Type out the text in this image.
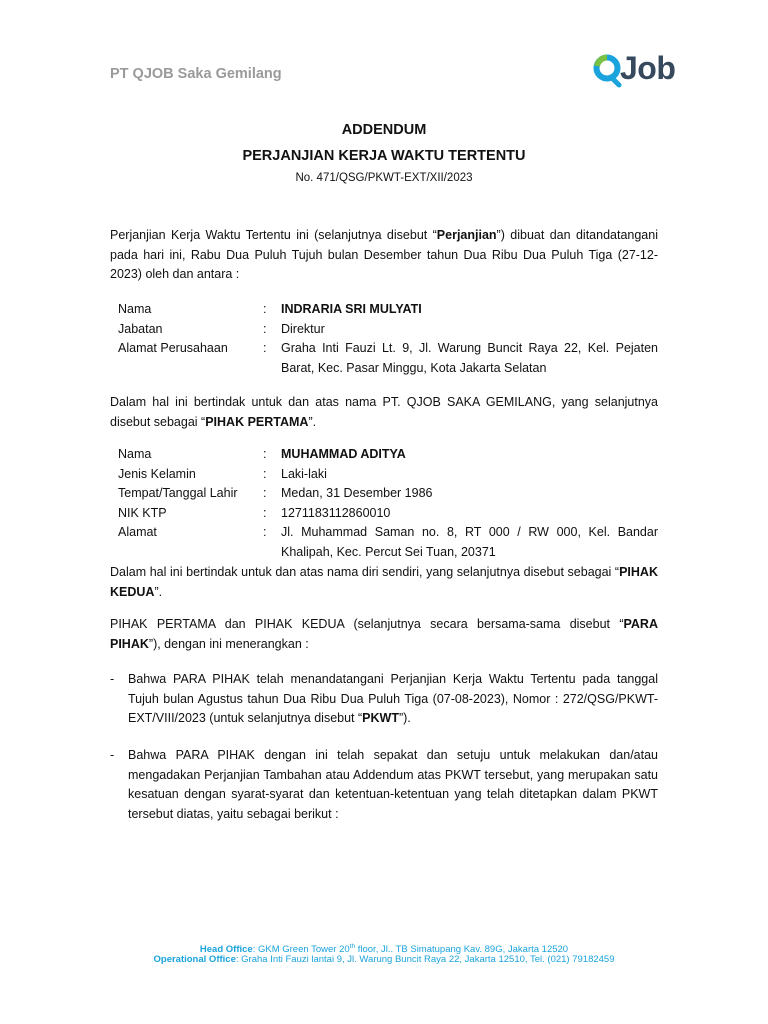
PT QJOB Saka Gemilang	Job
ADDENDUM
PERJANJIAN KERJA WAKTU TERTENTU
No. 471/QSG/PKWT-EXT/XII/2023
Perjanjian Kerja Waktu Tertentu ini (selanjutnya disebut “Perjanjian”) dibuat dan ditandatangani pada hari ini, Rabu Dua Puluh Tujuh bulan Desember tahun Dua Ribu Dua Puluh Tiga (27-12-2023) oleh dan antara :
Nama	:	INDRARIA SRI MULYATI
Jabatan	:	Direktur
Alamat Perusahaan	:	Graha Inti Fauzi Lt. 9, Jl. Warung Buncit Raya 22, Kel. Pejaten Barat, Kec. Pasar Minggu, Kota Jakarta Selatan
Dalam hal ini bertindak untuk dan atas nama PT. QJOB SAKA GEMILANG, yang selanjutnya disebut sebagai “PIHAK PERTAMA”.
Nama	:	MUHAMMAD ADITYA
Jenis Kelamin	:	Laki-laki
Tempat/Tanggal Lahir	:	Medan, 31 Desember 1986
NIK KTP	:	1271183112860010
Alamat	:	Jl. Muhammad Saman no. 8, RT 000 / RW 000, Kel. Bandar Khalipah, Kec. Percut Sei Tuan, 20371
Dalam hal ini bertindak untuk dan atas nama diri sendiri, yang selanjutnya disebut sebagai “PIHAK KEDUA”.
PIHAK PERTAMA dan PIHAK KEDUA (selanjutnya secara bersama-sama disebut “PARA PIHAK”), dengan ini menerangkan :
-	Bahwa PARA PIHAK telah menandatangani Perjanjian Kerja Waktu Tertentu pada tanggal Tujuh bulan Agustus tahun Dua Ribu Dua Puluh Tiga (07-08-2023), Nomor : 272/QSG/PKWT-EXT/VIII/2023 (untuk selanjutnya disebut “PKWT”).
-	Bahwa PARA PIHAK dengan ini telah sepakat dan setuju untuk melakukan dan/atau mengadakan Perjanjian Tambahan atau Addendum atas PKWT tersebut, yang merupakan satu kesatuan dengan syarat-syarat dan ketentuan-ketentuan yang telah ditetapkan dalam PKWT tersebut diatas, yaitu sebagai berikut :
Head Office: GKM Green Tower 20th floor, Jl.. TB Simatupang Kav. 89G, Jakarta 12520
Operational Office: Graha Inti Fauzi lantai 9, Jl. Warung Buncit Raya 22, Jakarta 12510, Tel. (021) 79182459
